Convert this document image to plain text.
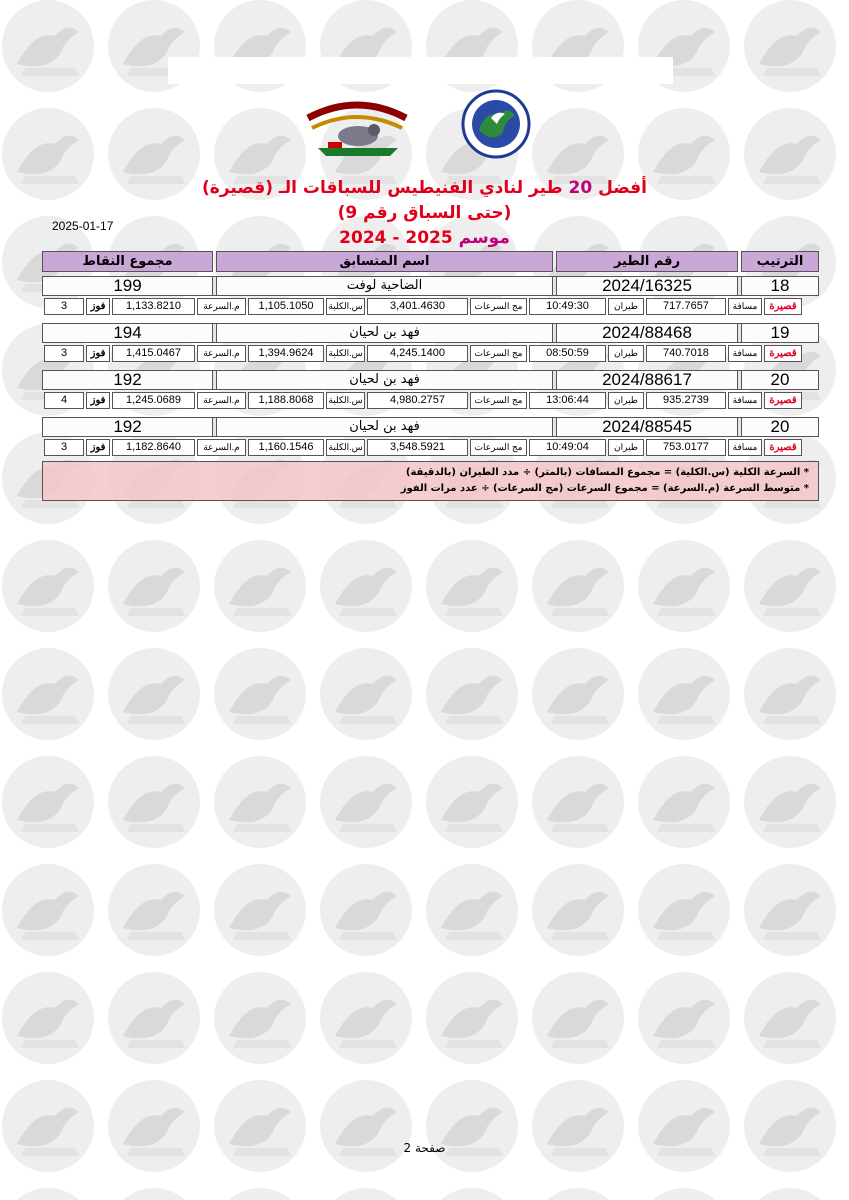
أفضل 20 طير لنادي الفنيطيس للسباقات الـ (قصيرة)
(حتى السباق رقم 9)
موسم 2024 - 2025
2025-01-17
الترتيب
رقم الطير
اسم المتسابق
مجموع النقاط
18
2024/16325
الضاحية لوفت
199
قصيرة
مسافة
717.7657
طيران
10:49:30
مج السرعات
3,401.4630
س.الكلية
1,105.1050
م.السرعة
1,133.8210
فوز
3
19
2024/88468
فهد بن لحيان
194
قصيرة
مسافة
740.7018
طيران
08:50:59
مج السرعات
4,245.1400
س.الكلية
1,394.9624
م.السرعة
1,415.0467
فوز
3
20
2024/88617
فهد بن لحيان
192
قصيرة
مسافة
935.2739
طيران
13:06:44
مج السرعات
4,980.2757
س.الكلية
1,188.8068
م.السرعة
1,245.0689
فوز
4
20
2024/88545
فهد بن لحيان
192
قصيرة
مسافة
753.0177
طيران
10:49:04
مج السرعات
3,548.5921
س.الكلية
1,160.1546
م.السرعة
1,182.8640
فوز
3
* السرعة الكلية (س.الكلية) = مجموع المسافات (بالمتر) ÷ مدد الطيران (بالدقيقة)
* متوسط السرعة (م.السرعة) = مجموع السرعات (مج السرعات) ÷ عدد مرات الفوز
صفحة 2
